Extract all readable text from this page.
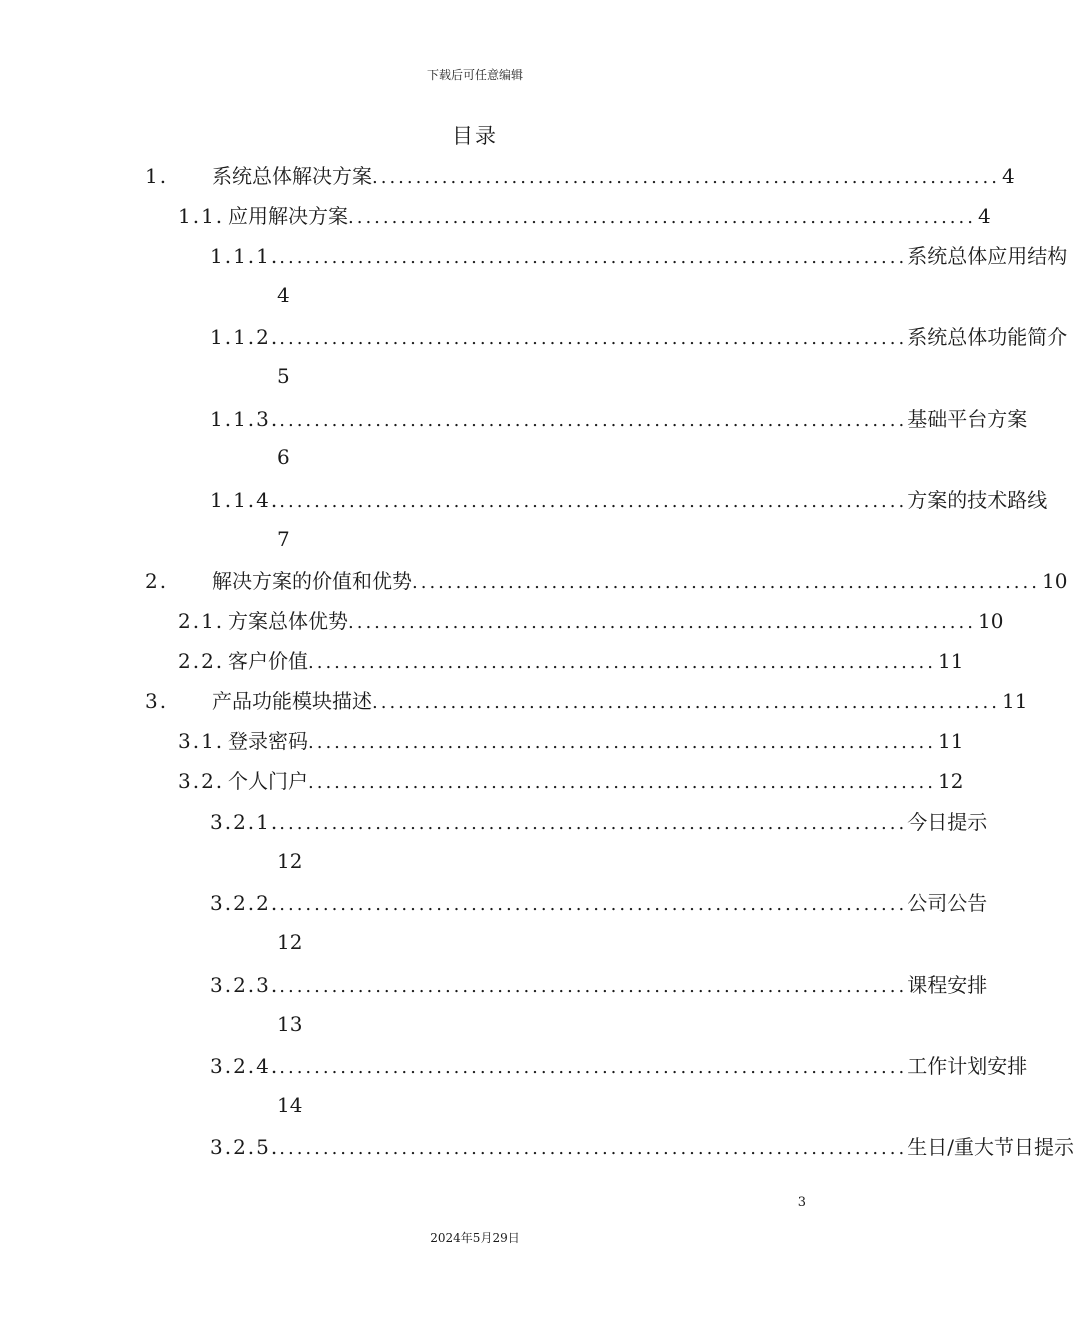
下载后可任意编辑
目录
1.	系统总体解决方案 ........................................................................ 4
1.1. 应用解决方案 ........................................................................ 4
1.1.1. ........................................................................ 系统总体应用结构
4
1.1.2. ........................................................................ 系统总体功能简介
5
1.1.3. ........................................................................ 基础平台方案
6
1.1.4. ........................................................................ 方案的技术路线
7
2.	解决方案的价值和优势 ........................................................................ 10
2.1. 方案总体优势 ........................................................................ 10
2.2. 客户价值 ........................................................................ 11
3.	产品功能模块描述 ........................................................................ 11
3.1. 登录密码 ........................................................................ 11
3.2. 个人门户 ........................................................................ 12
3.2.1. ........................................................................ 今日提示
12
3.2.2. ........................................................................ 公司公告
12
3.2.3. ........................................................................ 课程安排
13
3.2.4. ........................................................................ 工作计划安排
14
3.2.5. ........................................................................ 生日/重大节日提示
3
2024年5月29日
